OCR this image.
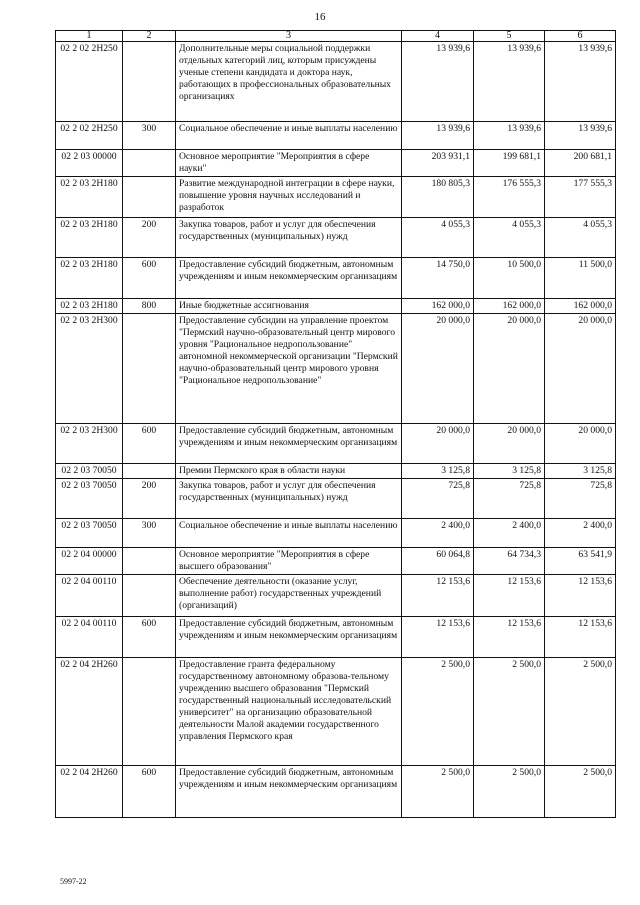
16
1	2	3	4	5	6
02 2 02 2Н250		Дополнительные меры социальной поддержки отдельных категорий лиц, которым присуждены ученые степени кандидата и доктора наук, работающих в профессиональных образовательных организациях	13 939,6	13 939,6	13 939,6
02 2 02 2Н250	300	Социальное обеспечение и иные выплаты населению	13 939,6	13 939,6	13 939,6
02 2 03 00000		Основное мероприятие "Мероприятия в сфере науки"	203 931,1	199 681,1	200 681,1
02 2 03 2Н180		Развитие международной интеграции в сфере науки, повышение уровня научных исследований и разработок	180 805,3	176 555,3	177 555,3
02 2 03 2Н180	200	Закупка товаров, работ и услуг для обеспечения государственных (муниципальных) нужд	4 055,3	4 055,3	4 055,3
02 2 03 2Н180	600	Предоставление субсидий бюджетным, автономным учреждениям и иным некоммерческим организациям	14 750,0	10 500,0	11 500,0
02 2 03 2Н180	800	Иные бюджетные ассигнования	162 000,0	162 000,0	162 000,0
02 2 03 2Н300		Предоставление субсидии на управление проектом "Пермский научно-образовательный центр мирового уровня "Рациональное недропользование" автономной некоммерческой организации "Пермский научно-образовательный центр мирового уровня "Рациональное недропользование"	20 000,0	20 000,0	20 000,0
02 2 03 2Н300	600	Предоставление субсидий бюджетным, автономным учреждениям и иным некоммерческим организациям	20 000,0	20 000,0	20 000,0
02 2 03 70050		Премии Пермского края в области науки	3 125,8	3 125,8	3 125,8
02 2 03 70050	200	Закупка товаров, работ и услуг для обеспечения государственных (муниципальных) нужд	725,8	725,8	725,8
02 2 03 70050	300	Социальное обеспечение и иные выплаты населению	2 400,0	2 400,0	2 400,0
02 2 04 00000		Основное мероприятие "Мероприятия в сфере высшего образования"	60 064,8	64 734,3	63 541,9
02 2 04 00110		Обеспечение деятельности (оказание услуг, выполнение работ) государственных учреждений (организаций)	12 153,6	12 153,6	12 153,6
02 2 04 00110	600	Предоставление субсидий бюджетным, автономным учреждениям и иным некоммерческим организациям	12 153,6	12 153,6	12 153,6
02 2 04 2Н260		Предоставление гранта федеральному государственному автономному образова-тельному учреждению высшего образования "Пермский государственный национальный исследовательский университет" на организацию образовательной деятельности Малой академии государственного управления Пермского края	2 500,0	2 500,0	2 500,0
02 2 04 2Н260	600	Предоставление субсидий бюджетным, автономным учреждениям и иным некоммерческим организациям	2 500,0	2 500,0	2 500,0
5997-22
